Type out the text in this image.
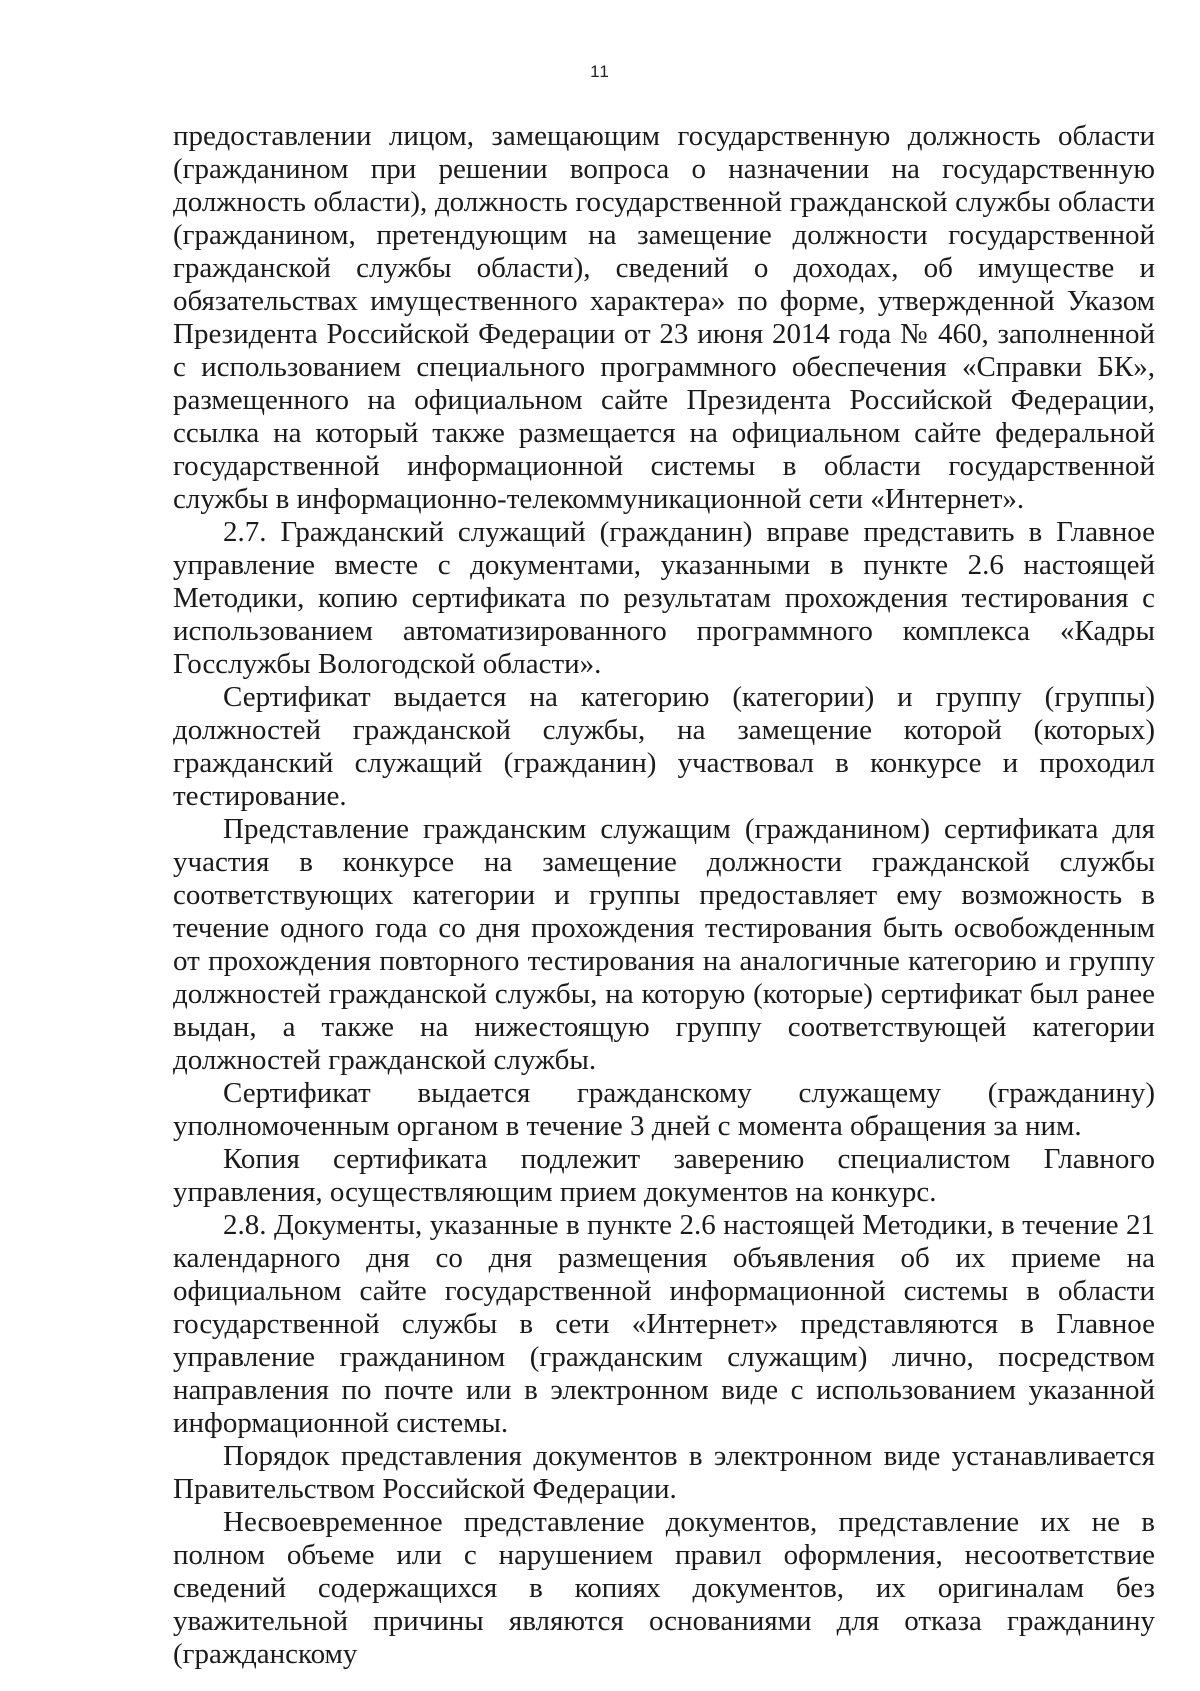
11

предоставлении лицом, замещающим государственную должность области (гражданином при решении вопроса о назначении на государственную должность области), должность государственной гражданской службы области (гражданином, претендующим на замещение должности государственной гражданской службы области), сведений о доходах, об имуществе и обязательствах имущественного характера» по форме, утвержденной Указом Президента Российской Федерации от 23 июня 2014 года № 460, заполненной с использованием специального программного обеспечения «Справки БК», размещенного на официальном сайте Президента Российской Федерации, ссылка на который также размещается на официальном сайте федеральной государственной информационной системы в области государственной службы в информационно-телекоммуникационной сети «Интернет».

2.7. Гражданский служащий (гражданин) вправе представить в Главное управление вместе с документами, указанными в пункте 2.6 настоящей Методики, копию сертификата по результатам прохождения тестирования с использованием автоматизированного программного комплекса «Кадры Госслужбы Вологодской области».

Сертификат выдается на категорию (категории) и группу (группы) должностей гражданской службы, на замещение которой (которых) гражданский служащий (гражданин) участвовал в конкурсе и проходил тестирование.

Представление гражданским служащим (гражданином) сертификата для участия в конкурсе на замещение должности гражданской службы соответствующих категории и группы предоставляет ему возможность в течение одного года со дня прохождения тестирования быть освобожденным от прохождения повторного тестирования на аналогичные категорию и группу должностей гражданской службы, на которую (которые) сертификат был ранее выдан, а также на нижестоящую группу соответствующей категории должностей гражданской службы.

Сертификат выдается гражданскому служащему (гражданину) уполномоченным органом в течение 3 дней с момента обращения за ним.

Копия сертификата подлежит заверению специалистом Главного управления, осуществляющим прием документов на конкурс.

2.8. Документы, указанные в пункте 2.6 настоящей Методики, в течение 21 календарного дня со дня размещения объявления об их приеме на официальном сайте государственной информационной системы в области государственной службы в сети «Интернет» представляются в Главное управление гражданином (гражданским служащим) лично, посредством направления по почте или в электронном виде с использованием указанной информационной системы.

Порядок представления документов в электронном виде устанавливается Правительством Российской Федерации.

Несвоевременное представление документов, представление их не в полном объеме или с нарушением правил оформления, несоответствие сведений содержащихся в копиях документов, их оригиналам без уважительной причины являются основаниями для отказа гражданину (гражданскому
